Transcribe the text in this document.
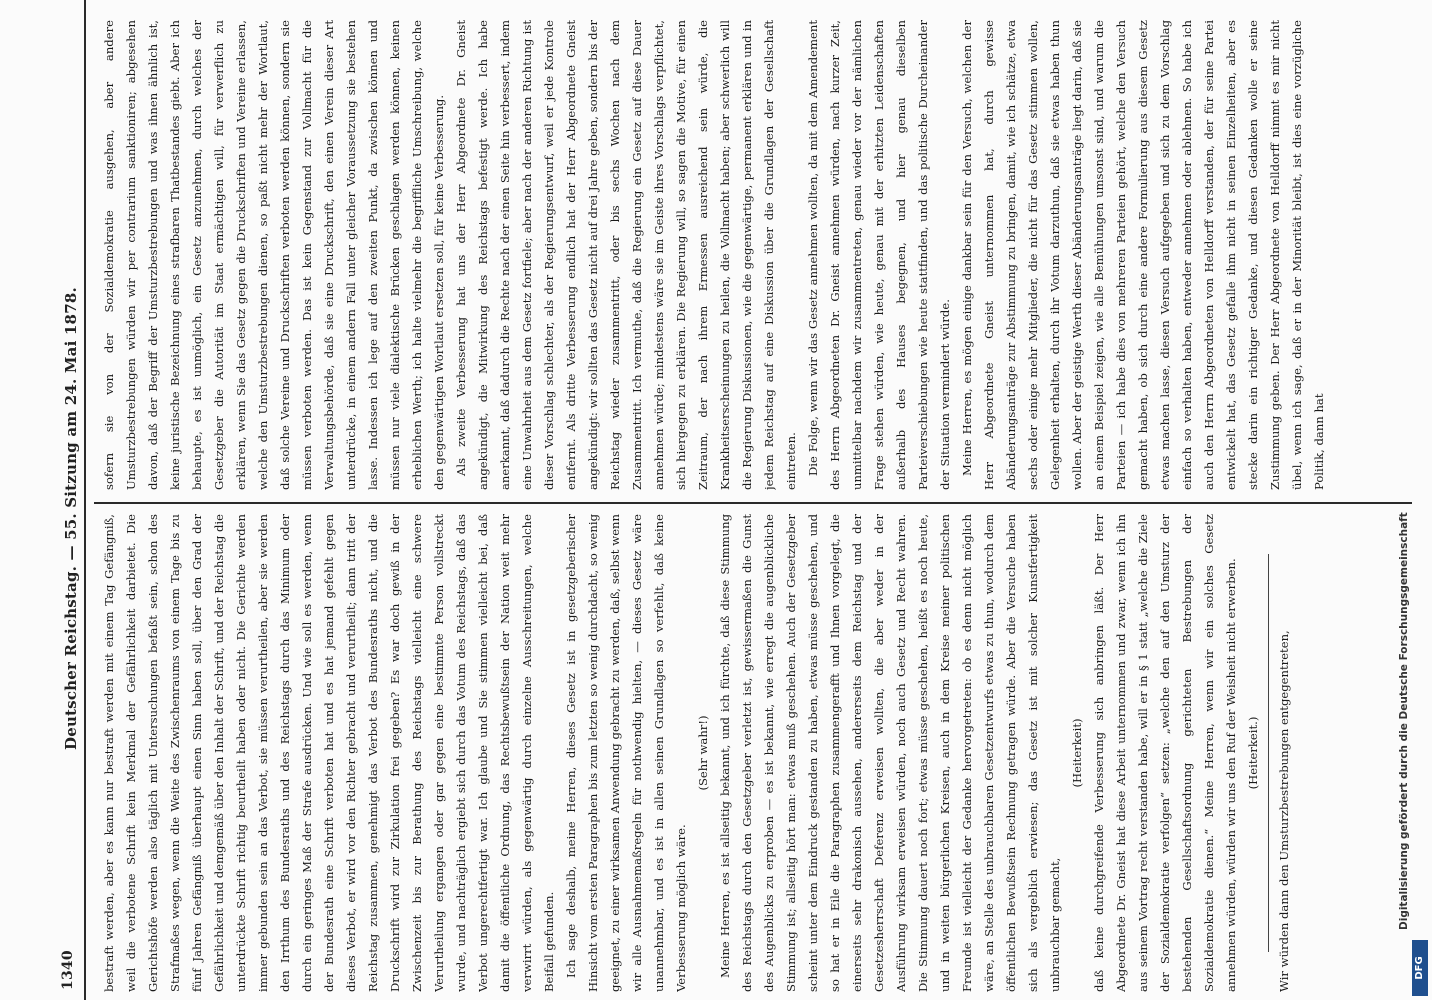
1340
Deutscher Reichstag. — 55. Sitzung am 24. Mai 1878.	bestraft werden, aber es kann nur bestraft werden mit einem Tag Gefängniß, weil die verbotene Schrift kein Merkmal der Gefährlichkeit darbietet. Die Gerichtshöfe werden also täglich mit Untersuchungen befaßt sein, schon des Strafmaßes wegen, wenn die Weite des Zwischenraums von einem Tage bis zu fünf Jahren Gefängniß überhaupt einen Sinn haben soll, über den Grad der Gefährlichkeit und demgemäß über den Inhalt der Schrift, und der Reichstag die unterdrückte Schrift richtig beurtheilt haben oder nicht. Die Gerichte werden immer gebunden sein an das Verbot, sie müssen verurtheilen, aber sie werden den Irrthum des Bundesraths und des Reichstags durch das Minimum oder durch ein geringes Maß der Strafe ausdrücken. Und wie soll es werden, wenn der Bundesrath eine Schrift verboten hat und es hat jemand gefehlt gegen dieses Verbot, er wird vor den Richter gebracht und verurtheilt; dann tritt der Reichstag zusammen, genehmigt das Verbot des Bundesraths nicht, und die Druckschrift wird zur Zirkulation frei gegeben? Es war doch gewiß in der Zwischenzeit bis zur Berathung des Reichstags vielleicht eine schwere Verurtheilung ergangen oder gar gegen eine bestimmte Person vollstreckt wurde, und nachträglich ergiebt sich durch das Votum des Reichstags, daß das Verbot ungerechtfertigt war. Ich glaube und Sie stimmen vielleicht bei, daß damit die öffentliche Ordnung, das Rechtsbewußtsein der Nation weit mehr verwirrt würden, als gegenwärtig durch einzelne Ausschreitungen, welche Beifall gefunden. Ich sage deshalb, meine Herren, dieses Gesetz ist in gesetzgeberischer Hinsicht vom ersten Paragraphen bis zum letzten so wenig durchdacht, so wenig geeignet, zu einer wirksamen Anwendung gebracht zu werden, daß, selbst wenn wir alle Ausnahmemaßregeln für nothwendig hielten, — dieses Gesetz wäre unannehmbar, und es ist in allen seinen Grundlagen so verfehlt, daß keine Verbesserung möglich wäre.

(Sehr wahr!) Meine Herren, es ist allseitig bekannt, und ich fürchte, daß diese Stimmung des Reichstags durch den Gesetzgeber verletzt ist, gewissermaßen die Gunst des Augenblicks zu erproben — es ist bekannt, wie erregt die augenblickliche Stimmung ist; allseitig hört man: etwas muß geschehen. Auch der Gesetzgeber scheint unter dem Eindruck gestanden zu haben, etwas müsse geschehen, und so hat er in Eile die Paragraphen zusammengerafft und Ihnen vorgelegt, die einerseits sehr drakonisch aussehen, andererseits dem Reichstag und der Gesetzesherrschaft Deferenz erweisen wollten, die aber weder in der Ausführung wirksam erweisen würden, noch auch Gesetz und Recht wahren. Die Stimmung dauert noch fort; etwas müsse geschehen, heißt es noch heute, und in weiten bürgerlichen Kreisen, auch in dem Kreise meiner politischen Freunde ist vielleicht der Gedanke hervorgetreten: ob es denn nicht möglich wäre, an Stelle des unbrauchbaren Gesetzentwurfs etwas zu thun, wodurch dem öffentlichen Bewußtsein Rechnung getragen würde. Aber die Versuche haben sich als vergeblich erwiesen; das Gesetz ist mit solcher Kunstfertigkeit unbrauchbar gemacht,

(Heiterkeit) daß keine durchgreifende Verbesserung sich anbringen läßt. Der Herr Abgeordnete Dr. Gneist hat diese Arbeit unternommen und zwar, wenn ich ihn aus seinem Vortrag recht verstanden habe, will er in § 1 statt „welche die Ziele der Sozialdemokratie verfolgen“ setzen: „welche den auf den Umsturz der bestehenden Gesellschaftsordnung gerichteten Bestrebungen der Sozialdemokratie dienen.“ Meine Herren, wenn wir ein solches Gesetz annehmen würden, würden wir uns den Ruf der Weisheit nicht erwerben. (Heiterkeit.)	Wir würden dann den Umsturzbestrebungen entgegentreten,

sofern sie von der Sozialdemokratie ausgehen, aber andere Umsturzbestrebungen würden wir per contrarium sanktioniren; abgesehen davon, daß der Begriff der Umsturzbestrebungen und was ihnen ähnlich ist, keine juristische Bezeichnung eines strafbaren Thatbestandes giebt. Aber ich behaupte, es ist unmöglich, ein Gesetz anzunehmen, durch welches der Gesetzgeber die Autorität im Staat ermächtigen will, für verwerflich zu erklären, wenn Sie das Gesetz gegen die Druckschriften und Vereine erlassen, welche den Umsturzbestrebungen dienen, so paßt nicht mehr der Wortlaut, daß solche Vereine und Druckschriften verboten werden können, sondern sie müssen verboten werden. Das ist kein Gegenstand zur Vollmacht für die Verwaltungsbehörde, daß sie eine Druckschrift, den einen Verein dieser Art unterdrücke, in einem andern Fall unter gleicher Voraussetzung sie bestehen lasse. Indessen ich lege auf den zweiten Punkt, da zwischen können und müssen nur viele dialektische Brücken geschlagen werden können, keinen erheblichen Werth; ich halte vielmehr die begriffliche Umschreibung, welche den gegenwärtigen Wortlaut ersetzen soll, für keine Verbesserung. Als zweite Verbesserung hat uns der Herr Abgeordnete Dr. Gneist angekündigt, die Mitwirkung des Reichstags befestigt werde. Ich habe anerkannt, daß dadurch die Rechte nach der einen Seite hin verbessert, indem eine Unwahrheit aus dem Gesetz fortfiele; aber nach der anderen Richtung ist dieser Vorschlag schlechter, als der Regierungsentwurf, weil er jede Kontrole entfernt. Als dritte Verbesserung endlich hat der Herr Abgeordnete Gneist angekündigt: wir sollten das Gesetz nicht auf drei Jahre geben, sondern bis der Reichstag wieder zusammentritt, oder bis sechs Wochen nach dem Zusammentritt. Ich vermuthe, daß die Regierung ein Gesetz auf diese Dauer annehmen würde; mindestens wäre sie im Geiste ihres Vorschlags verpflichtet, sich hiergegen zu erklären. Die Regierung will, so sagen die Motive, für einen Zeitraum, der nach ihrem Ermessen ausreichend sein würde, die Krankheitserscheinungen zu heilen, die Vollmacht haben; aber schwerlich will die Regierung Diskussionen, wie die gegenwärtige, permanent erklären und in jedem Reichstag auf eine Diskussion über die Grundlagen der Gesellschaft eintreten. Die Folge, wenn wir das Gesetz annehmen wollten, da mit dem Amendement des Herrn Abgeordneten Dr. Gneist annehmen würden, nach kurzer Zeit, unmittelbar nachdem wir zusammentreten, genau wieder vor der nämlichen Frage stehen würden, wie heute, genau mit der erhitzten Leidenschaften außerhalb des Hauses begegnen, und hier genau dieselben Parteiverschiebungen wie heute stattfinden, und das politische Durcheinander der Situation vermindert würde. Meine Herren, es mögen einige dankbar sein für den Versuch, welchen der Herr Abgeordnete Gneist unternommen hat, durch gewisse Abänderungsanträge zur Abstimmung zu bringen, damit, wie ich schätze, etwa sechs oder einige mehr Mitglieder, die nicht für das Gesetz stimmen wollen, Gelegenheit erhalten, durch ihr Votum darzuthun, daß sie etwas haben thun wollen. Aber der geistige Werth dieser Abänderungsanträge liegt darin, daß sie an einem Beispiel zeigen, wie alle Bemühungen umsonst sind, und warum die Parteien — ich habe dies von mehreren Parteien gehört, welche den Versuch gemacht haben, ob sich durch eine andere Formulierung aus diesem Gesetz etwas machen lasse, diesen Versuch aufgegeben und sich zu dem Vorschlag einfach so verhalten haben, entweder annehmen oder ablehnen. So habe ich auch den Herrn Abgeordneten von Helldorff verstanden, der für seine Partei entwickelt hat, das Gesetz gefalle ihm nicht in seinen Einzelheiten, aber es stecke darin ein richtiger Gedanke, und diesen Gedanken wolle er seine Zustimmung geben. Der Herr Abgeordnete von Helldorff nimmt es mir nicht übel, wenn ich sage, daß er in der Minorität bleibt, ist dies eine vorzügliche Politik, dann hat

Digitalisierung gefördert durch die Deutsche Forschungsgemeinschaft
DFG
